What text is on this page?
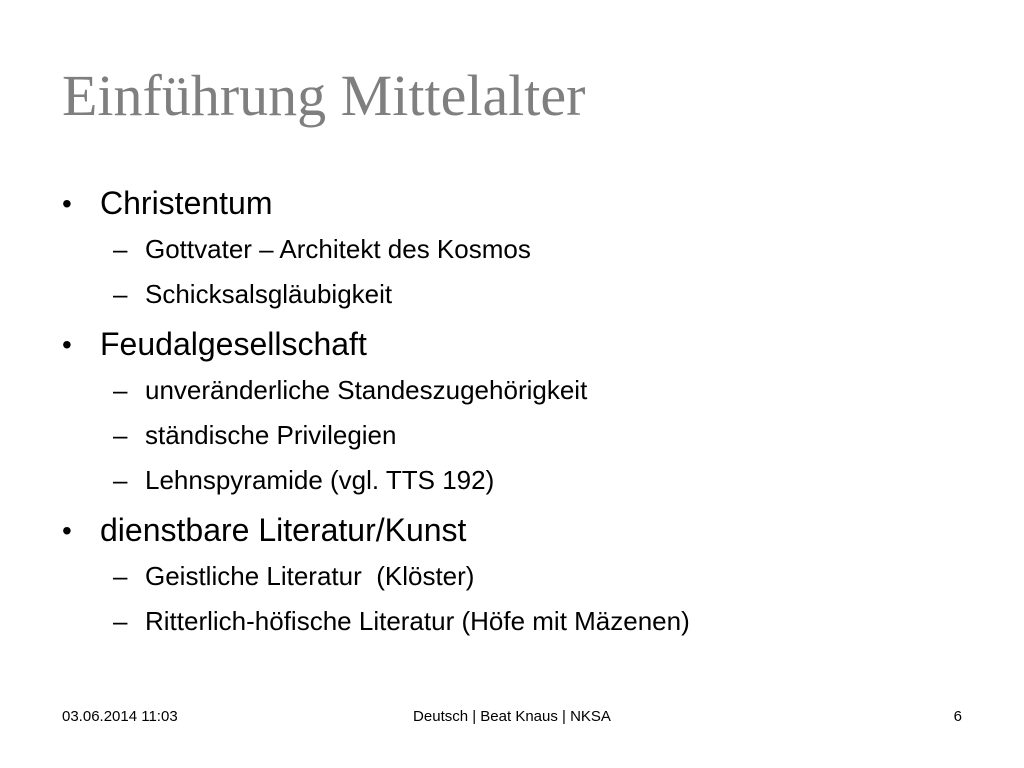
Einführung Mittelalter
• Christentum
– Gottvater – Architekt des Kosmos
– Schicksalsgläubigkeit
• Feudalgesellschaft
– unveränderliche Standeszugehörigkeit
– ständische Privilegien
– Lehnspyramide (vgl. TTS 192)
• dienstbare Literatur/Kunst
– Geistliche Literatur  (Klöster)
– Ritterlich-höfische Literatur (Höfe mit Mäzenen)
03.06.2014 11:03	Deutsch | Beat Knaus | NKSA	6
